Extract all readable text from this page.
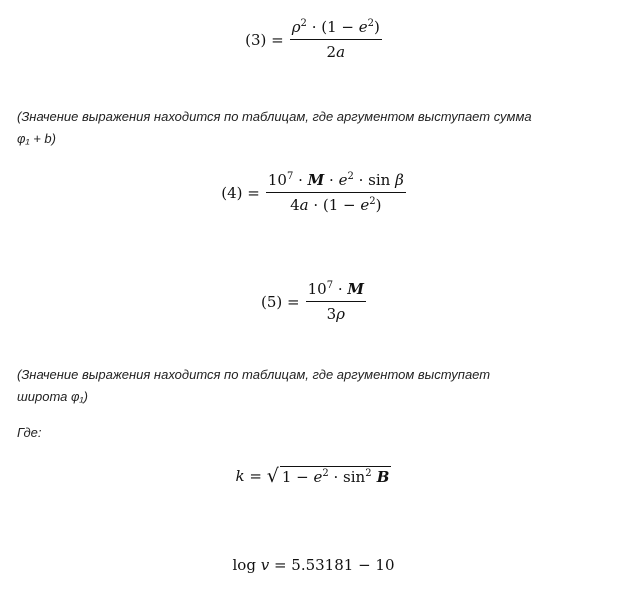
$(3) = \frac{\rho^2 \cdot (1 - e^2)}{2a}$
(Значение выражения находится по таблицам, где аргументом выступает сумма
φ₁ + b)
$(4) = \frac{10^7 \cdot M \cdot e^2 \cdot \sin \beta}{4a \cdot (1 - e^2)}$
$(5) = \frac{10^7 \cdot M}{3\rho}$
(Значение выражения находится по таблицам, где аргументом выступает
широта φ₁)
Где:
k = √ $1 - e^2 \cdot \sin^2 B$
log v = 5.53181 − 10
